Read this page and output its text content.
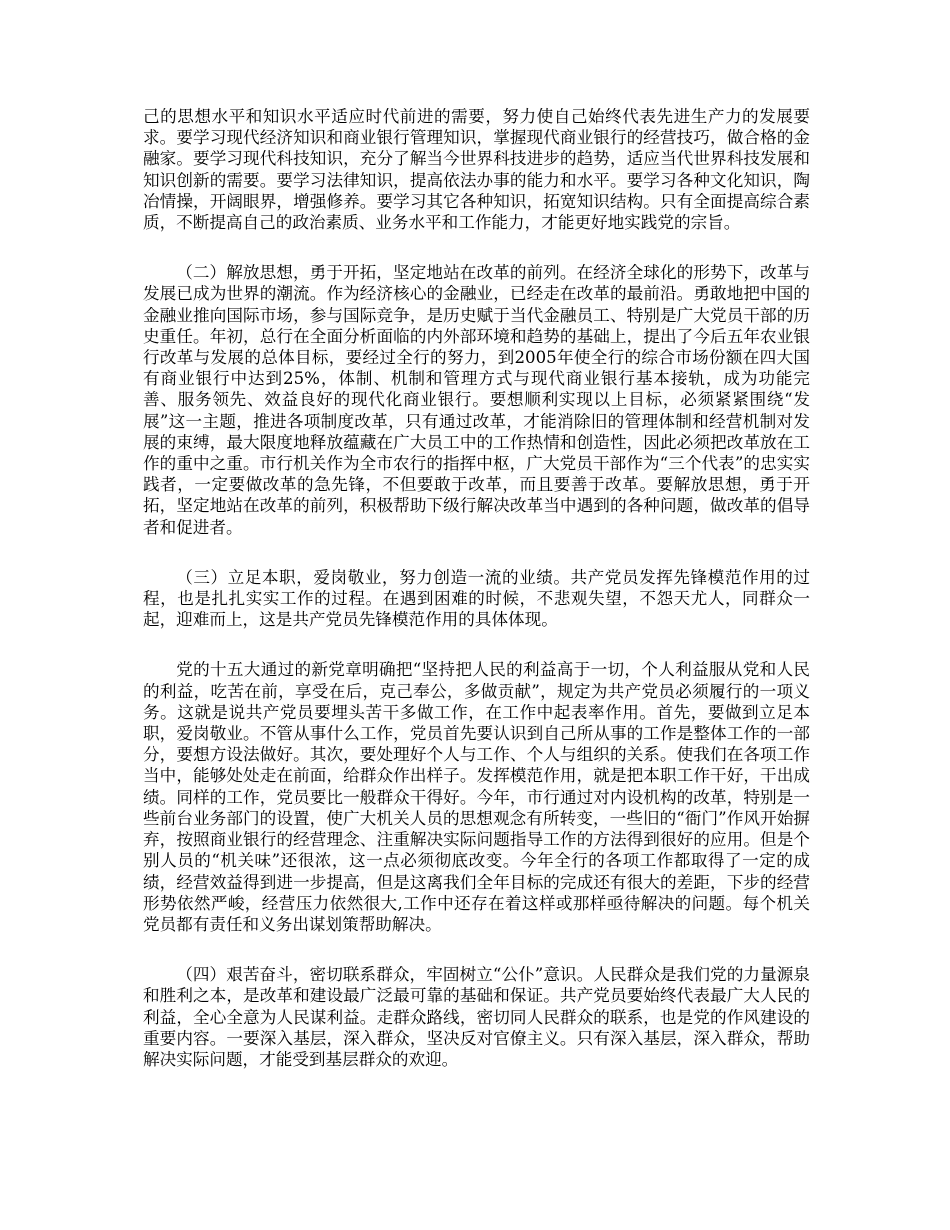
己的思想水平和知识水平适应时代前进的需要，努力使自己始终代表先进生产力的发展要求。要学习现代经济知识和商业银行管理知识，掌握现代商业银行的经营技巧，做合格的金融家。要学习现代科技知识，充分了解当今世界科技进步的趋势，适应当代世界科技发展和知识创新的需要。要学习法律知识，提高依法办事的能力和水平。要学习各种文化知识，陶冶情操，开阔眼界，增强修养。要学习其它各种知识，拓宽知识结构。只有全面提高综合素质，不断提高自己的政治素质、业务水平和工作能力，才能更好地实践党的宗旨。

（二）解放思想，勇于开拓，坚定地站在改革的前列。在经济全球化的形势下，改革与发展已成为世界的潮流。作为经济核心的金融业，已经走在改革的最前沿。勇敢地把中国的金融业推向国际市场，参与国际竞争，是历史赋于当代金融员工、特别是广大党员干部的历史重任。年初，总行在全面分析面临的内外部环境和趋势的基础上，提出了今后五年农业银行改革与发展的总体目标，要经过全行的努力，到2005年使全行的综合市场份额在四大国有商业银行中达到25%，体制、机制和管理方式与现代商业银行基本接轨，成为功能完善、服务领先、效益良好的现代化商业银行。要想顺利实现以上目标，必须紧紧围绕“发展”这一主题，推进各项制度改革，只有通过改革，才能消除旧的管理体制和经营机制对发展的束缚，最大限度地释放蕴藏在广大员工中的工作热情和创造性，因此必须把改革放在工作的重中之重。市行机关作为全市农行的指挥中枢，广大党员干部作为“三个代表”的忠实实践者，一定要做改革的急先锋，不但要敢于改革，而且要善于改革。要解放思想，勇于开拓，坚定地站在改革的前列，积极帮助下级行解决改革当中遇到的各种问题，做改革的倡导者和促进者。

（三）立足本职，爱岗敬业，努力创造一流的业绩。共产党员发挥先锋模范作用的过程，也是扎扎实实工作的过程。在遇到困难的时候，不悲观失望，不怨天尤人，同群众一起，迎难而上，这是共产党员先锋模范作用的具体体现。

党的十五大通过的新党章明确把“坚持把人民的利益高于一切，个人利益服从党和人民的利益，吃苦在前，享受在后，克己奉公，多做贡献”，规定为共产党员必须履行的一项义务。这就是说共产党员要埋头苦干多做工作，在工作中起表率作用。首先，要做到立足本职，爱岗敬业。不管从事什么工作，党员首先要认识到自己所从事的工作是整体工作的一部分，要想方设法做好。其次，要处理好个人与工作、个人与组织的关系。使我们在各项工作当中，能够处处走在前面，给群众作出样子。发挥模范作用，就是把本职工作干好，干出成绩。同样的工作，党员要比一般群众干得好。今年，市行通过对内设机构的改革，特别是一些前台业务部门的设置，使广大机关人员的思想观念有所转变，一些旧的“衙门”作风开始摒弃，按照商业银行的经营理念、注重解决实际问题指导工作的方法得到很好的应用。但是个别人员的“机关味”还很浓，这一点必须彻底改变。今年全行的各项工作都取得了一定的成绩，经营效益得到进一步提高，但是这离我们全年目标的完成还有很大的差距，下步的经营形势依然严峻，经营压力依然很大,工作中还存在着这样或那样亟待解决的问题。每个机关党员都有责任和义务出谋划策帮助解决。

（四）艰苦奋斗，密切联系群众，牢固树立“公仆”意识。人民群众是我们党的力量源泉和胜利之本，是改革和建设最广泛最可靠的基础和保证。共产党员要始终代表最广大人民的利益，全心全意为人民谋利益。走群众路线，密切同人民群众的联系，也是党的作风建设的重要内容。一要深入基层，深入群众，坚决反对官僚主义。只有深入基层，深入群众，帮助解决实际问题，才能受到基层群众的欢迎。
